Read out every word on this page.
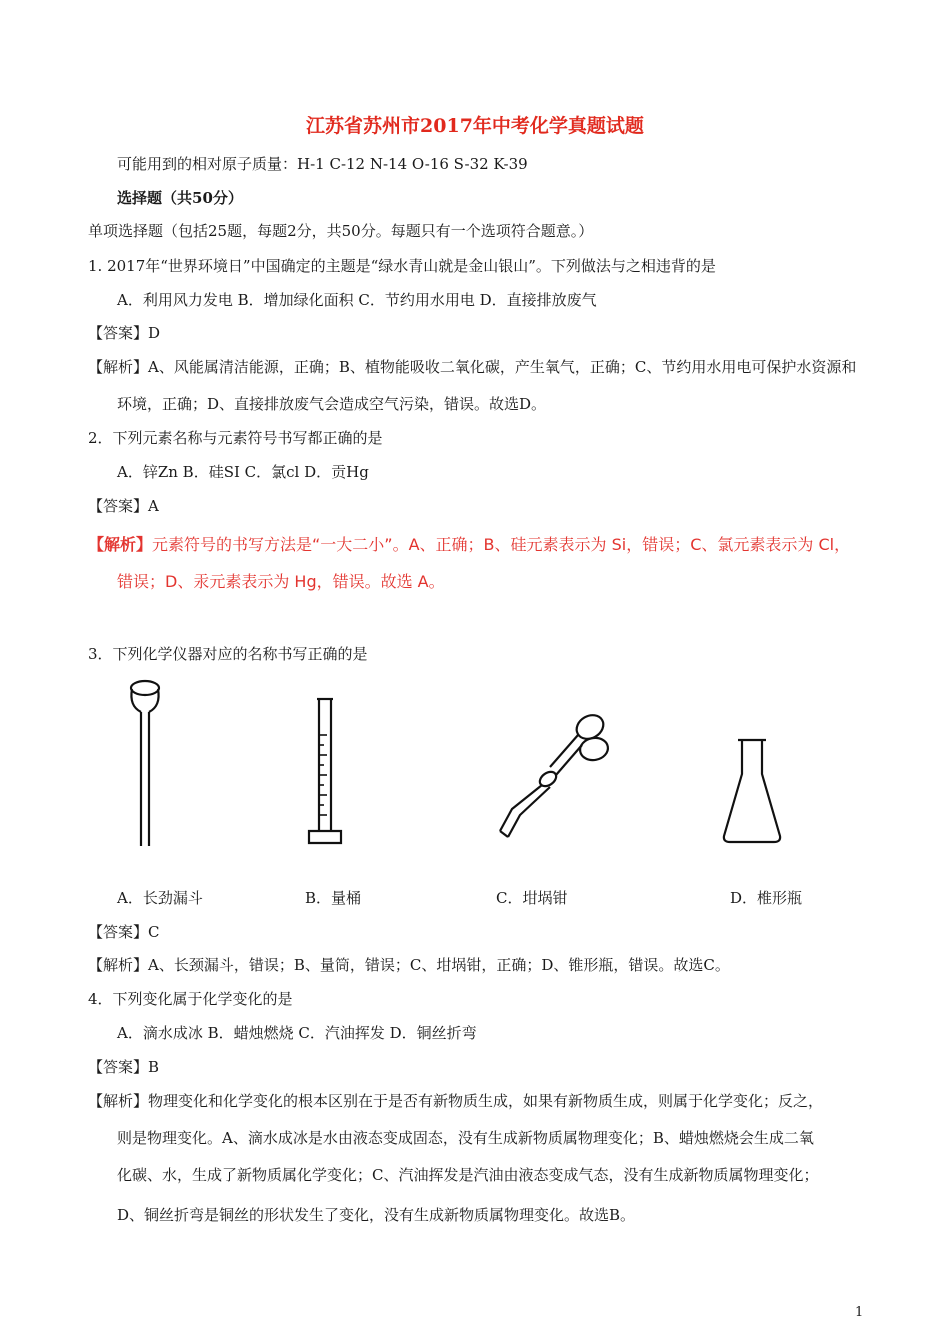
江苏省苏州市2017年中考化学真题试题
可能用到的相对原子质量：H-1 C-12 N-14 O-16 S-32 K-39
选择题（共50分）
单项选择题（包括25题，每题2分，共50分。每题只有一个选项符合题意。）
1. 2017年“世界环境日”中国确定的主题是“绿水青山就是金山银山”。下列做法与之相违背的是
A．利用风力发电 B．增加绿化面积 C．节约用水用电 D．直接排放废气
【答案】D
【解析】A、风能属清洁能源，正确；B、植物能吸收二氧化碳，产生氧气，正确；C、节约用水用电可保护水资源和
环境，正确；D、直接排放废气会造成空气污染，错误。故选D。
2．下列元素名称与元素符号书写都正确的是
A．锌Zn B．硅SI C．氯cl D．贡Hg
【答案】A
【解析】元素符号的书写方法是“一大二小”。A、正确；B、硅元素表示为 Si，错误；C、氯元素表示为 Cl，
错误；D、汞元素表示为 Hg，错误。故选 A。
3．下列化学仪器对应的名称书写正确的是
A．长劲漏斗	B．量桶	C．坩埚钳	D．椎形瓶
【答案】C
【解析】A、长颈漏斗，错误；B、量筒，错误；C、坩埚钳，正确；D、锥形瓶，错误。故选C。
4．下列变化属于化学变化的是
A．滴水成冰 B．蜡烛燃烧 C．汽油挥发 D．铜丝折弯
【答案】B
【解析】物理变化和化学变化的根本区别在于是否有新物质生成，如果有新物质生成，则属于化学变化；反之，
则是物理变化。A、滴水成冰是水由液态变成固态，没有生成新物质属物理变化；B、蜡烛燃烧会生成二氧
化碳、水，生成了新物质属化学变化；C、汽油挥发是汽油由液态变成气态，没有生成新物质属物理变化；
D、铜丝折弯是铜丝的形状发生了变化，没有生成新物质属物理变化。故选B。
1
